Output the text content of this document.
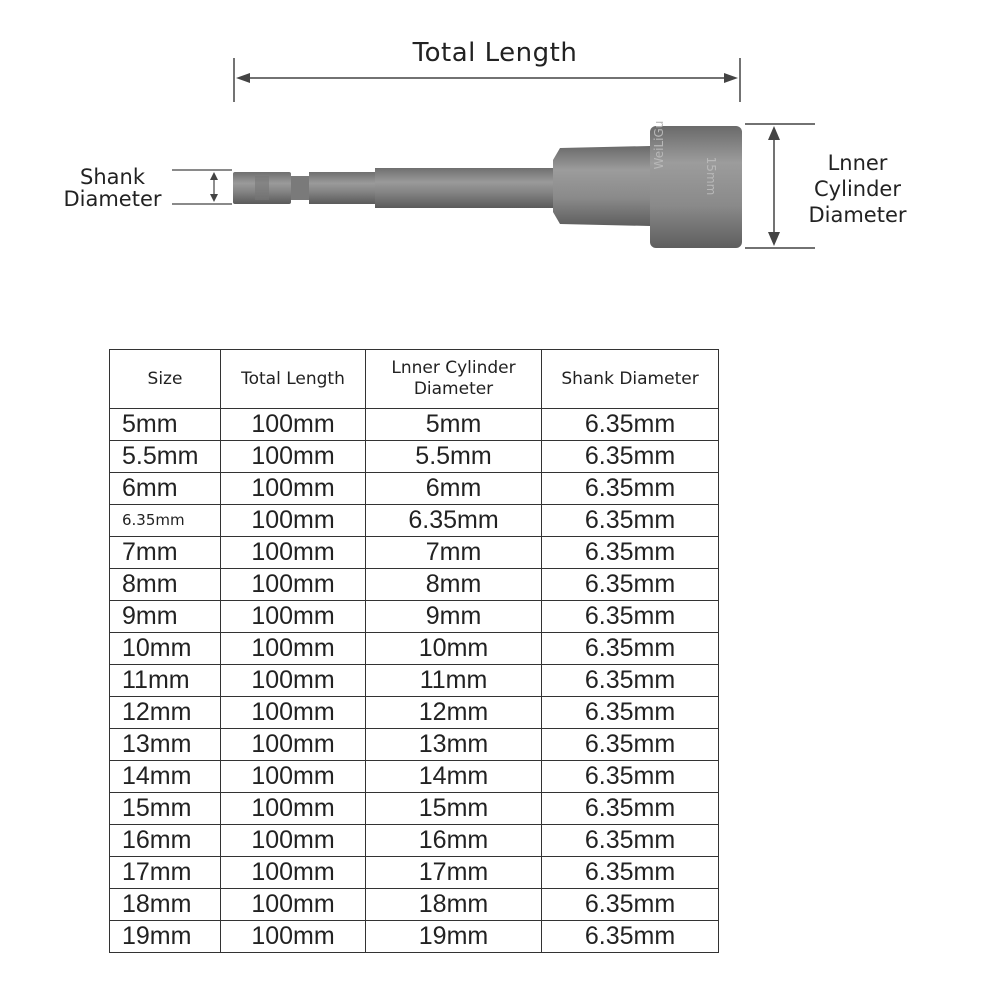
Total Length
Shank
Diameter
Lnner
Cylinder
Diameter
WeiLiGu
15mm
Size	Total Length	Lnner Cylinder Diameter	Shank Diameter
5mm	100mm	5mm	6.35mm
5.5mm	100mm	5.5mm	6.35mm
6mm	100mm	6mm	6.35mm
6.35mm	100mm	6.35mm	6.35mm
7mm	100mm	7mm	6.35mm
8mm	100mm	8mm	6.35mm
9mm	100mm	9mm	6.35mm
10mm	100mm	10mm	6.35mm
11mm	100mm	11mm	6.35mm
12mm	100mm	12mm	6.35mm
13mm	100mm	13mm	6.35mm
14mm	100mm	14mm	6.35mm
15mm	100mm	15mm	6.35mm
16mm	100mm	16mm	6.35mm
17mm	100mm	17mm	6.35mm
18mm	100mm	18mm	6.35mm
19mm	100mm	19mm	6.35mm
